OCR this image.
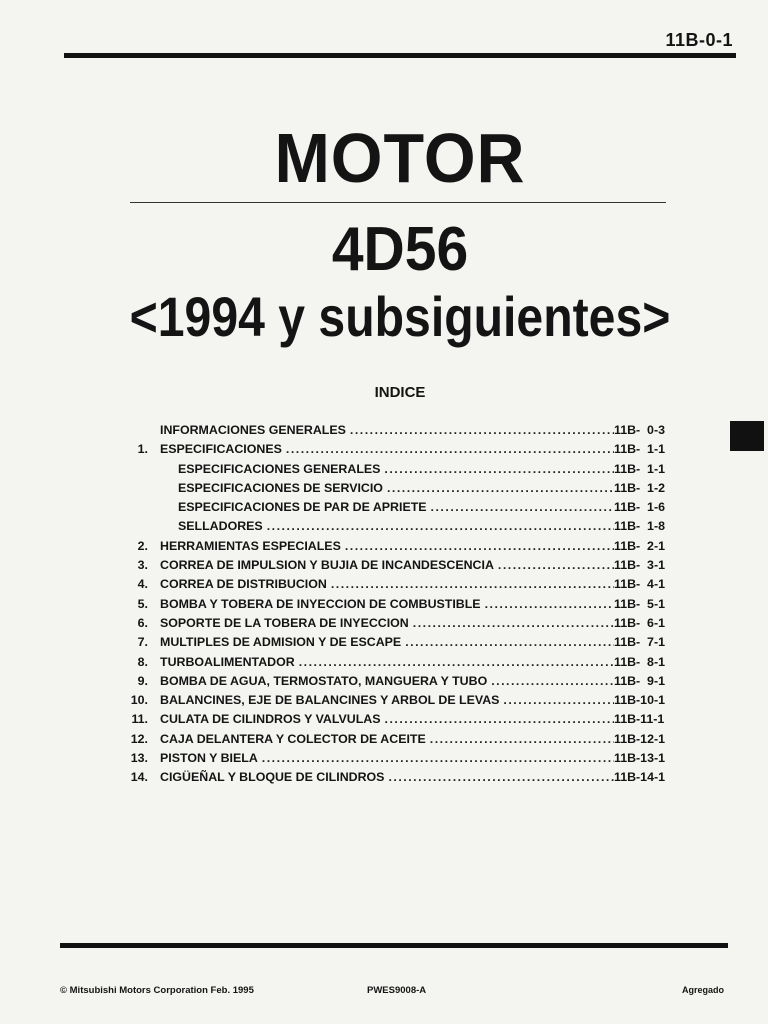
11B-0-1
MOTOR
4D56
<1994 y subsiguientes>
INDICE
INFORMACIONES GENERALES .....	11B-  0-3
1. ESPECIFICACIONES .....	11B-  1-1
ESPECIFICACIONES GENERALES .....	11B-  1-1
ESPECIFICACIONES DE SERVICIO .....	11B-  1-2
ESPECIFICACIONES DE PAR DE APRIETE .....	11B-  1-6
SELLADORES .....	11B-  1-8
2. HERRAMIENTAS ESPECIALES .....	11B-  2-1
3. CORREA DE IMPULSION Y BUJIA DE INCANDESCENCIA .....	11B-  3-1
4. CORREA DE DISTRIBUCION .....	11B-  4-1
5. BOMBA Y TOBERA DE INYECCION DE COMBUSTIBLE .....	11B-  5-1
6. SOPORTE DE LA TOBERA DE INYECCION .....	11B-  6-1
7. MULTIPLES DE ADMISION Y DE ESCAPE .....	11B-  7-1
8. TURBOALIMENTADOR .....	11B-  8-1
9. BOMBA DE AGUA, TERMOSTATO, MANGUERA Y TUBO .....	11B-  9-1
10. BALANCINES, EJE DE BALANCINES Y ARBOL DE LEVAS .....	11B-10-1
11. CULATA DE CILINDROS Y VALVULAS .....	11B-11-1
12. CAJA DELANTERA Y COLECTOR DE ACEITE .....	11B-12-1
13. PISTON Y BIELA .....	11B-13-1
14. CIGÜEÑAL Y BLOQUE DE CILINDROS .....	11B-14-1
© Mitsubishi Motors Corporation Feb. 1995	PWES9008-A	Agregado
